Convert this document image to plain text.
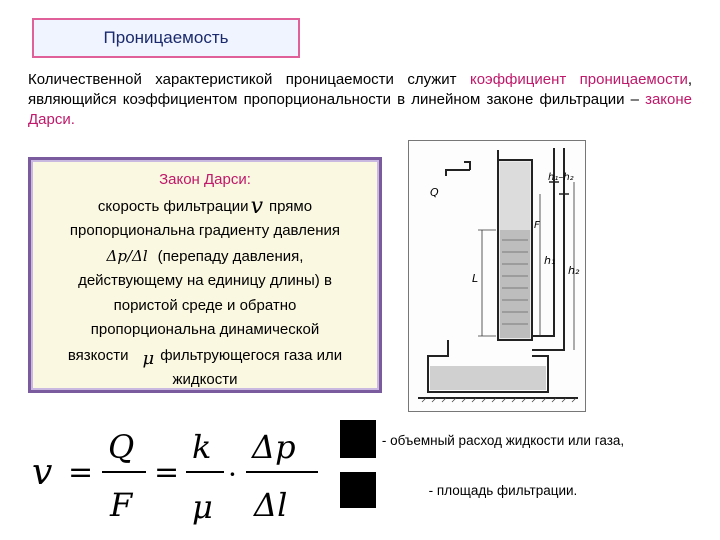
Проницаемость
Количественной характеристикой проницаемости служит коэффициент проницаемости, являющийся коэффициентом пропорциональности в линейном законе фильтрации – законе Дарси.
Закон Дарси:
скорость фильтрацииv прямо
пропорциональна градиенту давления
Δp/Δl (перепаду давления,
действующему на единицу длины) в
пористой среде и обратно
пропорциональна динамической
вязкости μ фильтрующегося газа или
жидкости
Q
h₁–h₂
h₁
h₂
L
F
- объемный расход жидкости или газа,
- площадь фильтрации.
v =
Q
F
=
k
μ
·
Δp
Δl
